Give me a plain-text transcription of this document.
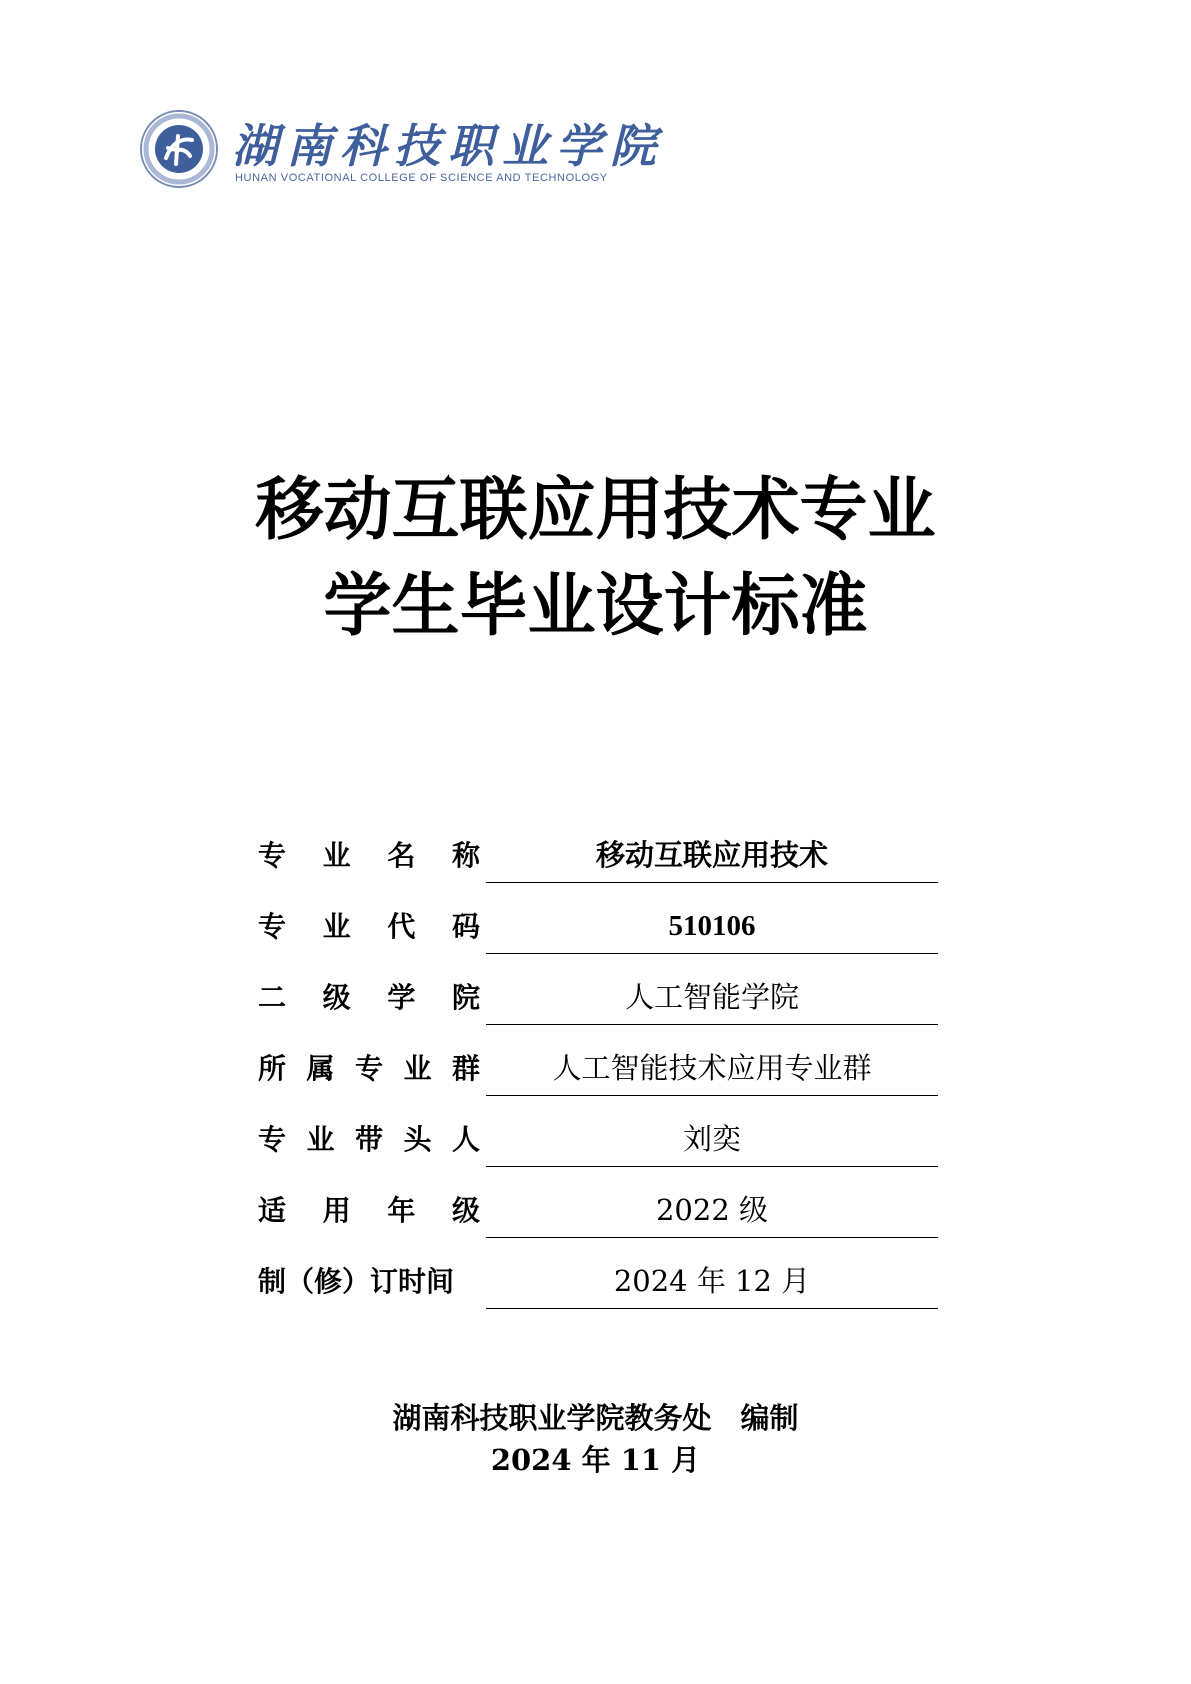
湖南科技职业学院
HUNAN VOCATIONAL COLLEGE OF SCIENCE AND TECHNOLOGY
移动互联应用技术专业
学生毕业设计标准
专 业 名 称	移动互联应用技术
专 业 代 码	510106
二 级 学 院	人工智能学院
所 属 专 业 群	人工智能技术应用专业群
专 业 带 头 人	刘奕
适 用 年 级	2022 级
制（修）订时间	2024 年 12 月
湖南科技职业学院教务处　编制
2024 年 11 月
